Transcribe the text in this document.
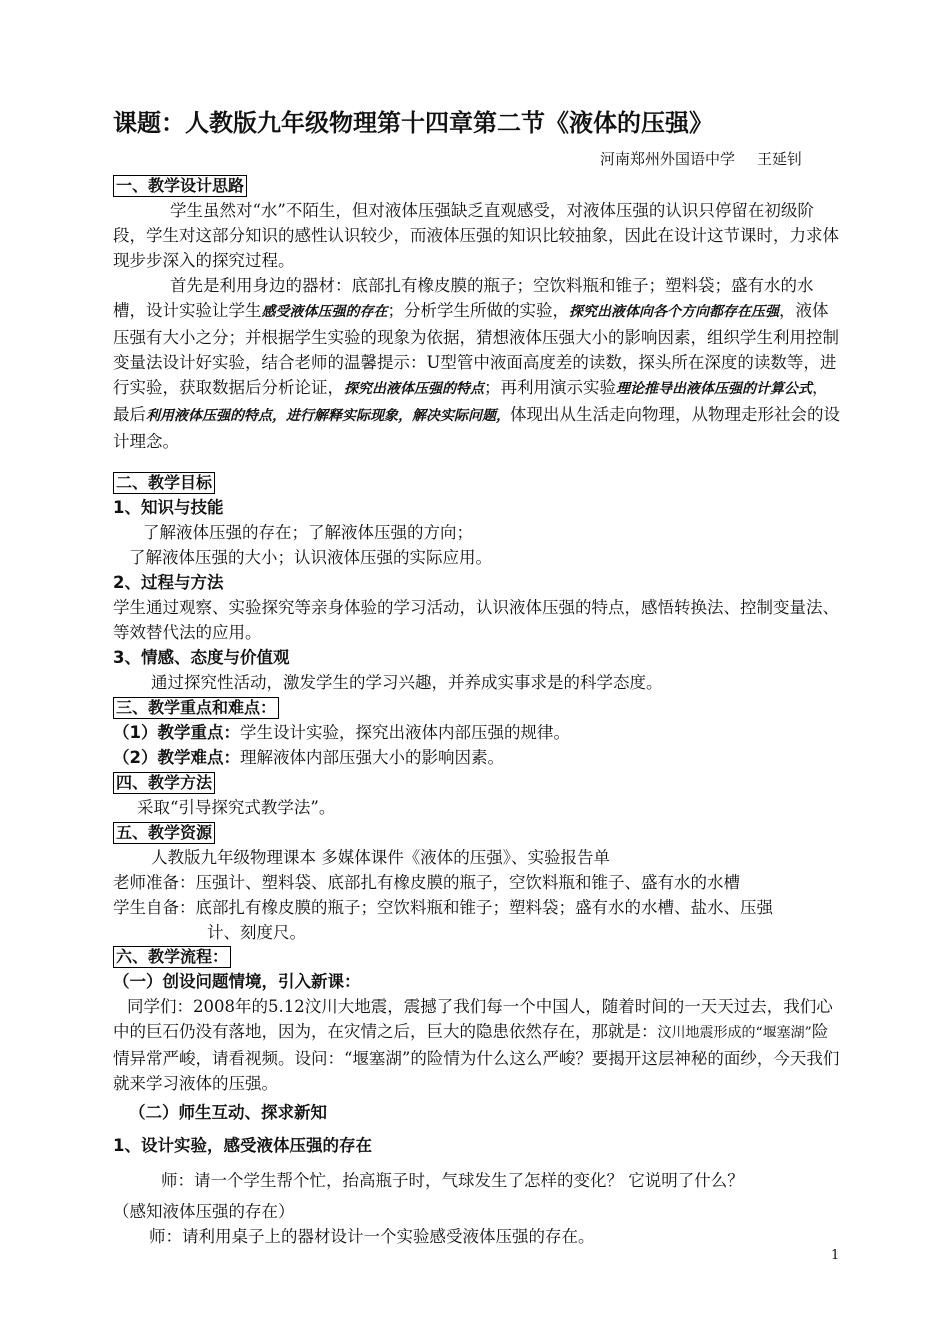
课题：人教版九年级物理第十四章第二节《液体的压强》
河南郑州外国语中学 王延钊
一、教学设计思路
学生虽然对“水”不陌生，但对液体压强缺乏直观感受，对液体压强的认识只停留在初级阶段，学生对这部分知识的感性认识较少，而液体压强的知识比较抽象，因此在设计这节课时，力求体现步步深入的探究过程。
首先是利用身边的器材：底部扎有橡皮膜的瓶子；空饮料瓶和锥子；塑料袋；盛有水的水槽，设计实验让学生感受液体压强的存在；分析学生所做的实验，探究出液体向各个方向都存在压强，液体压强有大小之分；并根据学生实验的现象为依据，猜想液体压强大小的影响因素，组织学生利用控制变量法设计好实验，结合老师的温馨提示：U型管中液面高度差的读数，探头所在深度的读数等，进行实验，获取数据后分析论证，探究出液体压强的特点；再利用演示实验理论推导出液体压强的计算公式，最后利用液体压强的特点，进行解释实际现象，解决实际问题，体现出从生活走向物理，从物理走形社会的设计理念。
二、教学目标
1、知识与技能
了解液体压强的存在；了解液体压强的方向；
了解液体压强的大小；认识液体压强的实际应用。
2、过程与方法
学生通过观察、实验探究等亲身体验的学习活动，认识液体压强的特点，感悟转换法、控制变量法、等效替代法的应用。
3、情感、态度与价值观
通过探究性活动，激发学生的学习兴趣，并养成实事求是的科学态度。
三、教学重点和难点：
（1）教学重点：学生设计实验，探究出液体内部压强的规律。
（2）教学难点：理解液体内部压强大小的影响因素。
四、教学方法
采取“引导探究式教学法”。
五、教学资源
人教版九年级物理课本 多媒体课件《液体的压强》、实验报告单
老师准备：压强计、塑料袋、底部扎有橡皮膜的瓶子，空饮料瓶和锥子、盛有水的水槽
学生自备：底部扎有橡皮膜的瓶子；空饮料瓶和锥子；塑料袋；盛有水的水槽、盐水、压强
计、刻度尺。
六、教学流程：
（一）创设问题情境，引入新课：
同学们：2008年的5.12汶川大地震，震撼了我们每一个中国人，随着时间的一天天过去，我们心中的巨石仍没有落地，因为，在灾情之后，巨大的隐患依然存在，那就是：汶川地震形成的“堰塞湖”险情异常严峻，请看视频。设问：“堰塞湖”的险情为什么这么严峻？要揭开这层神秘的面纱，今天我们就来学习液体的压强。
（二）师生互动、探求新知
1、设计实验，感受液体压强的存在
师：请一个学生帮个忙，抬高瓶子时，气球发生了怎样的变化？ 它说明了什么？
（感知液体压强的存在）
师：请利用桌子上的器材设计一个实验感受液体压强的存在。
1
